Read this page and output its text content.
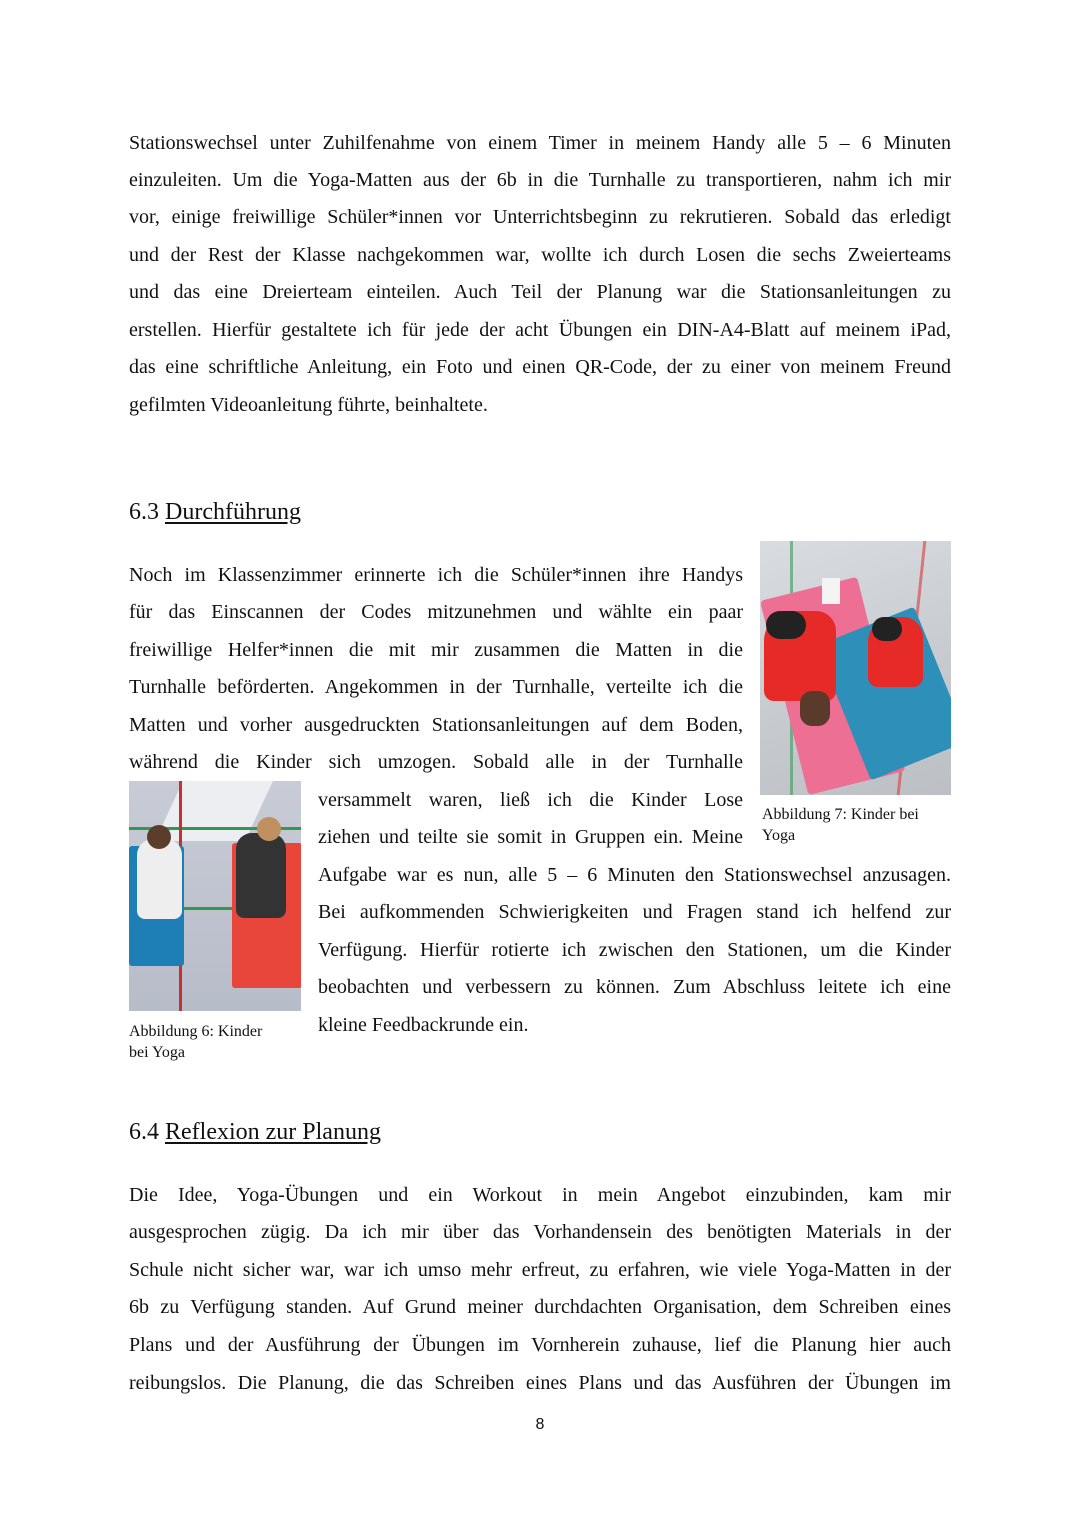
Stationswechsel unter Zuhilfenahme von einem Timer in meinem Handy alle 5 – 6 Minuten
einzuleiten. Um die Yoga-Matten aus der 6b in die Turnhalle zu transportieren, nahm ich mir
vor, einige freiwillige Schüler*innen vor Unterrichtsbeginn zu rekrutieren. Sobald das erledigt
und der Rest der Klasse nachgekommen war, wollte ich durch Losen die sechs Zweierteams
und das eine Dreierteam einteilen. Auch Teil der Planung war die Stationsanleitungen zu
erstellen. Hierfür gestaltete ich für jede der acht Übungen ein DIN-A4-Blatt auf meinem iPad,
das eine schriftliche Anleitung, ein Foto und einen QR-Code, der zu einer von meinem Freund
gefilmten Videoanleitung führte, beinhaltete.
6.3 Durchführung
Abbildung 7: Kinder bei
Yoga
Abbildung 6: Kinder
bei Yoga
Noch im Klassenzimmer erinnerte ich die Schüler*innen ihre Handys
für das Einscannen der Codes mitzunehmen und wählte ein paar
freiwillige Helfer*innen die mit mir zusammen die Matten in die
Turnhalle beförderten. Angekommen in der Turnhalle, verteilte ich die
Matten und vorher ausgedruckten Stationsanleitungen auf dem Boden,
während die Kinder sich umzogen. Sobald alle in der Turnhalle
versammelt waren, ließ ich die Kinder Lose
ziehen und teilte sie somit in Gruppen ein. Meine
Aufgabe war es nun, alle 5 – 6 Minuten den Stationswechsel anzusagen.
Bei aufkommenden Schwierigkeiten und Fragen stand ich helfend zur
Verfügung. Hierfür rotierte ich zwischen den Stationen, um die Kinder
beobachten und verbessern zu können. Zum Abschluss leitete ich eine
kleine Feedbackrunde ein.
6.4 Reflexion zur Planung
Die Idee, Yoga-Übungen und ein Workout in mein Angebot einzubinden, kam mir
ausgesprochen zügig. Da ich mir über das Vorhandensein des benötigten Materials in der
Schule nicht sicher war, war ich umso mehr erfreut, zu erfahren, wie viele Yoga-Matten in der
6b zu Verfügung standen. Auf Grund meiner durchdachten Organisation, dem Schreiben eines
Plans und der Ausführung der Übungen im Vornherein zuhause, lief die Planung hier auch
reibungslos. Die Planung, die das Schreiben eines Plans und das Ausführen der Übungen im
8
